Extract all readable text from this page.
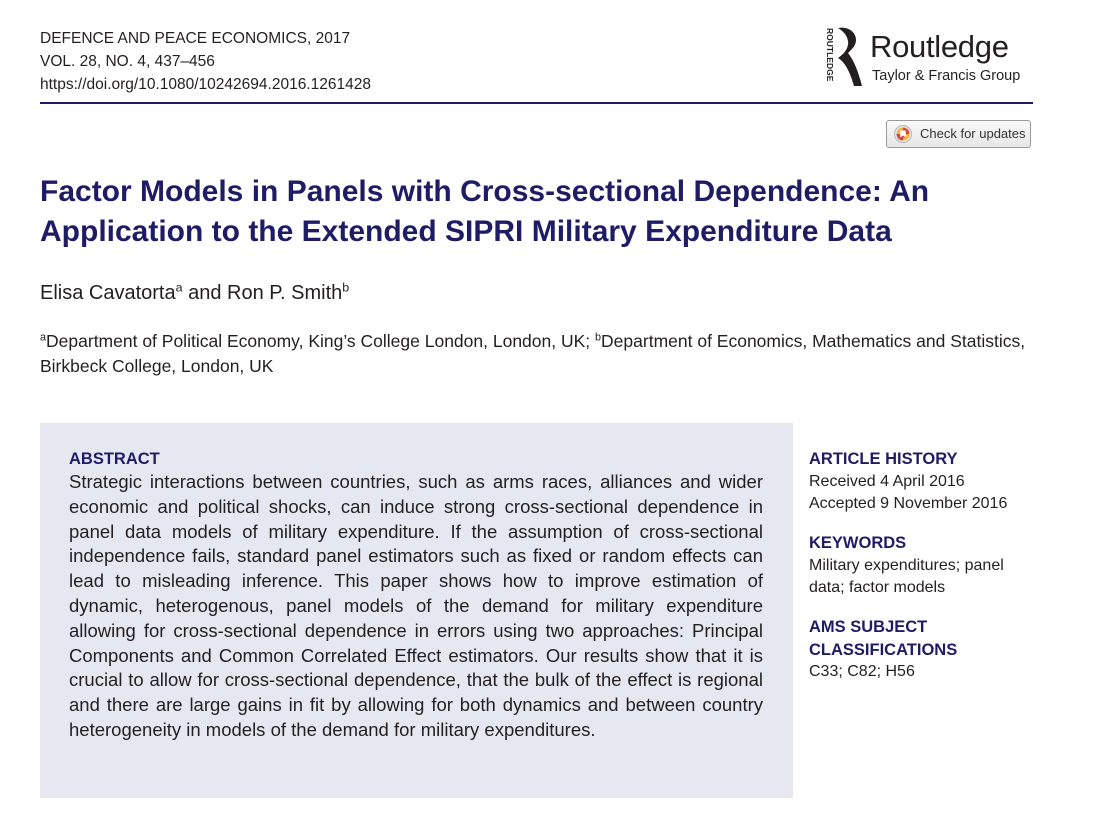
DEFENCE AND PEACE ECONOMICS, 2017
VOL. 28, NO. 4, 437–456
https://doi.org/10.1080/10242694.2016.1261428
ROUTLEDGE Routledge
Taylor & Francis Group
Check for updates
Factor Models in Panels with Cross-sectional Dependence: An Application to the Extended SIPRI Military Expenditure Data
Elisa Cavatorta$^a$ and Ron P. Smith$^b$
$^a$Department of Political Economy, King’s College London, London, UK; $^b$Department of Economics, Mathematics and Statistics, Birkbeck College, London, UK
ABSTRACT

Strategic interactions between countries, such as arms races, alliances and wider economic and political shocks, can induce strong cross-sectional dependence in panel data models of military expenditure. If the assumption of cross-sectional independence fails, standard panel estimators such as fixed or random effects can lead to misleading inference. This paper shows how to improve estimation of dynamic, heterogenous, panel models of the demand for military expenditure allowing for cross-sectional dependence in errors using two approaches: Principal Components and Common Correlated Effect estimators. Our results show that it is crucial to allow for cross-sectional dependence, that the bulk of the effect is regional and there are large gains in fit by allowing for both dynamics and between country heterogeneity in models of the demand for military expenditures.

ARTICLE HISTORY
Received 4 April 2016
Accepted 9 November 2016
KEYWORDS
Military expenditures; panel data; factor models
AMS SUBJECT
CLASSIFICATIONS
C33; C82; H56
